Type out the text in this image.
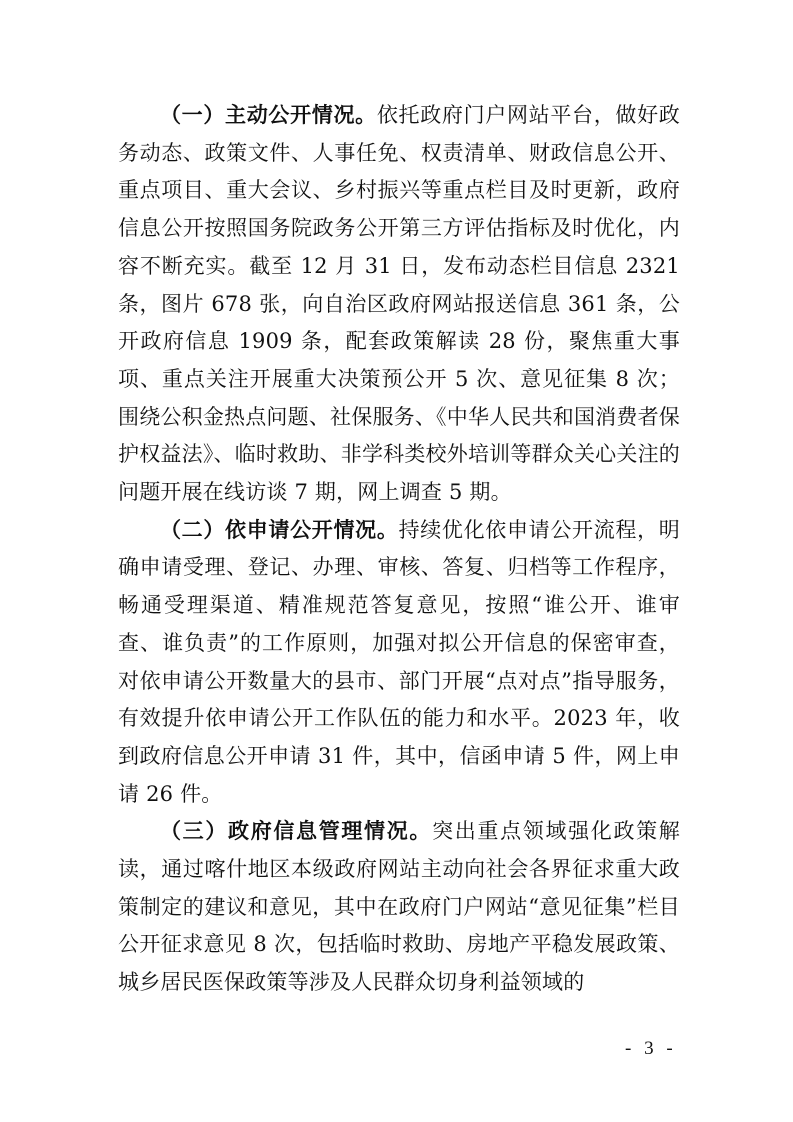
（一）主动公开情况。依托政府门户网站平台，做好政务动态、政策文件、人事任免、权责清单、财政信息公开、重点项目、重大会议、乡村振兴等重点栏目及时更新，政府信息公开按照国务院政务公开第三方评估指标及时优化，内容不断充实。截至 12 月 31 日，发布动态栏目信息 2321 条，图片 678 张，向自治区政府网站报送信息 361 条，公开政府信息 1909 条，配套政策解读 28 份，聚焦重大事项、重点关注开展重大决策预公开 5 次、意见征集 8 次；围绕公积金热点问题、社保服务、《中华人民共和国消费者保护权益法》、临时救助、非学科类校外培训等群众关心关注的问题开展在线访谈 7 期，网上调查 5 期。

（二）依申请公开情况。持续优化依申请公开流程，明确申请受理、登记、办理、审核、答复、归档等工作程序，畅通受理渠道、精准规范答复意见，按照“谁公开、谁审查、谁负责”的工作原则，加强对拟公开信息的保密审查，对依申请公开数量大的县市、部门开展“点对点”指导服务，有效提升依申请公开工作队伍的能力和水平。2023 年，收到政府信息公开申请 31 件，其中，信函申请 5 件，网上申请 26 件。

（三）政府信息管理情况。突出重点领域强化政策解读，通过喀什地区本级政府网站主动向社会各界征求重大政策制定的建议和意见，其中在政府门户网站“意见征集”栏目公开征求意见 8 次，包括临时救助、房地产平稳发展政策、城乡居民医保政策等涉及人民群众切身利益领域的

- 3 -
